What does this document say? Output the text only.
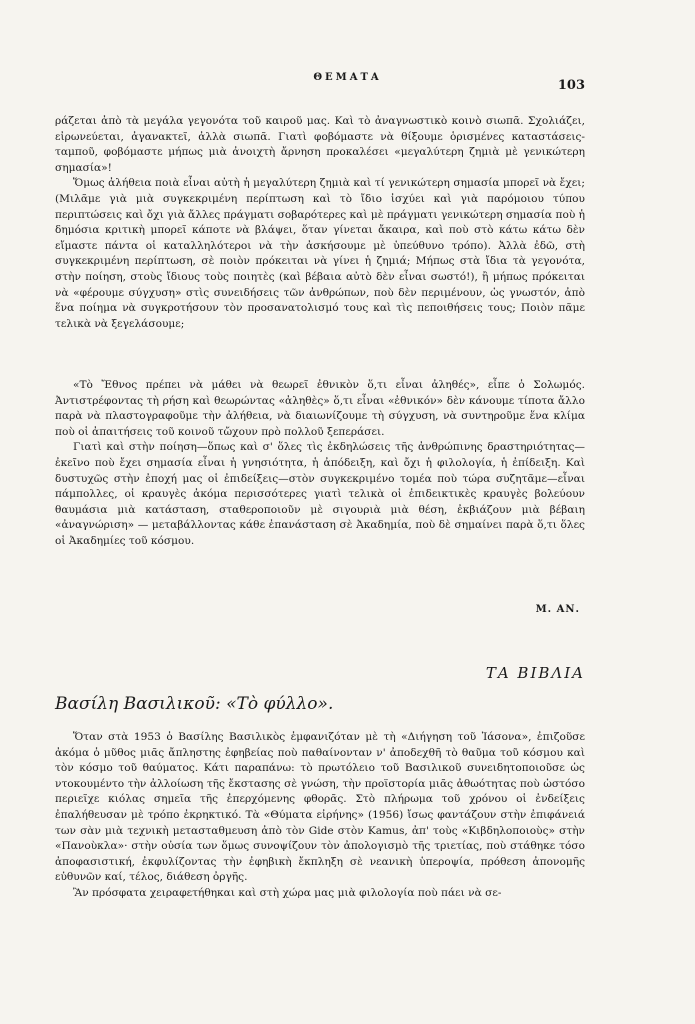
ΘΕΜΑΤΑ
103

ράζεται ἀπὸ τὰ μεγάλα γεγονότα τοῦ καιροῦ μας. Καὶ τὸ ἀναγνωστικὸ κοινὸ σιωπᾶ. Σχολιάζει, εἰρωνεύεται, ἀγανακτεῖ, ἀλλὰ σιωπᾶ. Γιατὶ φοβόμαστε νὰ θίξουμε ὁρισμένες καταστάσεις-ταμποῦ, φοβόμαστε μήπως μιὰ ἀνοιχτὴ ἄρνηση προκαλέσει «μεγαλύτερη ζημιὰ μὲ γενικώτερη σημασία»!

Ὅμως ἀλήθεια ποιὰ εἶναι αὐτὴ ἡ μεγαλύτερη ζημιὰ καὶ τί γενικώτερη σημασία μπορεῖ νὰ ἔχει; (Μιλᾶμε γιὰ μιὰ συγκεκριμένη περίπτωση καὶ τὸ ἴδιο ἰσχύει καὶ γιὰ παρόμοιου τύπου περιπτώσεις καὶ ὄχι γιὰ ἄλλες πράγματι σοβαρότερες καὶ μὲ πράγματι γενικώτερη σημασία ποὺ ἡ δημόσια κριτικὴ μπορεῖ κάποτε νὰ βλάψει, ὅταν γίνεται ἄκαιρα, καὶ ποὺ στὸ κάτω κάτω δὲν εἴμαστε πάντα οἱ καταλληλότεροι νὰ τὴν ἀσκήσουμε μὲ ὑπεύθυνο τρόπο). Ἀλλὰ ἐδῶ, στὴ συγκεκριμένη περίπτωση, σὲ ποιὸν πρόκειται νὰ γίνει ἡ ζημιά; Μήπως στὰ ἴδια τὰ γεγονότα, στὴν ποίηση, στοὺς ἴδιους τοὺς ποιητὲς (καὶ βέβαια αὐτὸ δὲν εἶναι σωστό!), ἢ μήπως πρόκειται νὰ «φέρουμε σύγχυση» στὶς συνειδήσεις τῶν ἀνθρώπων, ποὺ δὲν περιμένουν, ὡς γνωστόν, ἀπὸ ἕνα ποίημα νὰ συγκροτήσουν τὸν προσανατολισμό τους καὶ τὶς πεποιθήσεις τους; Ποιὸν πᾶμε τελικὰ νὰ ξεγελάσουμε;

«Τὸ Ἔθνος πρέπει νὰ μάθει νὰ θεωρεῖ ἐθνικὸν ὅ,τι εἶναι ἀληθές», εἶπε ὁ Σολωμός. Ἀντιστρέφοντας τὴ ρήση καὶ θεωρώντας «ἀληθὲς» ὅ,τι εἶναι «ἐθνικόν» δὲν κάνουμε τίποτα ἄλλο παρὰ νὰ πλαστογραφοῦμε τὴν ἀλήθεια, νὰ διαιωνίζουμε τὴ σύγχυση, νὰ συντηροῦμε ἕνα κλίμα ποὺ οἱ ἀπαιτήσεις τοῦ κοινοῦ τὤχουν πρὸ πολλοῦ ξεπεράσει.

Γιατὶ καὶ στὴν ποίηση—ὅπως καὶ σ' ὅλες τὶς ἐκδηλώσεις τῆς ἀνθρώπινης δραστηριότητας—ἐκεῖνο ποὺ ἔχει σημασία εἶναι ἡ γνησιότητα, ἡ ἀπόδειξη, καὶ ὄχι ἡ φιλολογία, ἡ ἐπίδειξη. Καὶ δυστυχῶς στὴν ἐποχή μας οἱ ἐπιδείξεις—στὸν συγκεκριμένο τομέα ποὺ τώρα συζητᾶμε—εἶναι πάμπολλες, οἱ κραυγὲς ἀκόμα περισσότερες γιατὶ τελικὰ οἱ ἐπιδεικτικὲς κραυγὲς βολεύουν θαυμάσια μιὰ κατάσταση, σταθεροποιοῦν μὲ σιγουριὰ μιὰ θέση, ἐκβιάζουν μιὰ βέβαιη «ἀναγνώριση» — μεταβάλλοντας κάθε ἐπανάσταση σὲ Ἀκαδημία, ποὺ δὲ σημαίνει παρὰ ὅ,τι ὅλες οἱ Ἀκαδημίες τοῦ κόσμου.

Μ. ΑΝ.
ΤΑ ΒΙΒΛΙΑ
Βασίλη Βασιλικοῦ: «Τὸ φύλλο».

Ὅταν στὰ 1953 ὁ Βασίλης Βασιλικὸς ἐμφανιζόταν μὲ τὴ «Διήγηση τοῦ Ἰάσονα», ἐπιζοῦσε ἀκόμα ὁ μῦθος μιᾶς ἄπληστης ἐφηβείας ποὺ παθαίνονταν ν' ἀποδεχθῆ τὸ θαῦμα τοῦ κόσμου καὶ τὸν κόσμο τοῦ θαύματος. Κάτι παραπάνω: τὸ πρωτόλειο τοῦ Βασιλικοῦ συνειδητοποιοῦσε ὡς ντοκουμέντο τὴν ἀλλοίωση τῆς ἔκστασης σὲ γνώση, τὴν προϊστορία μιᾶς ἀθωότητας ποὺ ὡστόσο περιεῖχε κιόλας σημεῖα τῆς ἐπερχόμενης φθορᾶς. Στὸ πλήρωμα τοῦ χρόνου οἱ ἐνδείξεις ἐπαλήθευσαν μὲ τρόπο ἐκρηκτικό. Τὰ «Θύματα εἰρήνης» (1956) ἴσως φαντάζουν στὴν ἐπιφάνειά των σὰν μιὰ τεχνικὴ μετασταθμευση ἀπὸ τὸν Gide στὸν Kamus, ἀπ' τοὺς «Κιβδηλοποιοὺς» στὴν «Πανοὺκλα»· στὴν οὐσία των ὅμως συνοψίζουν τὸν ἀπολογισμὸ τῆς τριετίας, ποὺ στάθηκε τόσο ἀποφασιστική, ἐκφυλίζοντας τὴν ἐφηβικὴ ἔκπληξη σὲ νεανικὴ ὑπεροψία, πρόθεση ἀπονομῆς εὐθυνῶν καί, τέλος, διάθεση ὀργῆς.

Ἂν πρόσφατα χειραφετήθηκαι καὶ στὴ χώρα μας μιὰ φιλολογία ποὺ πάει νὰ σε-
